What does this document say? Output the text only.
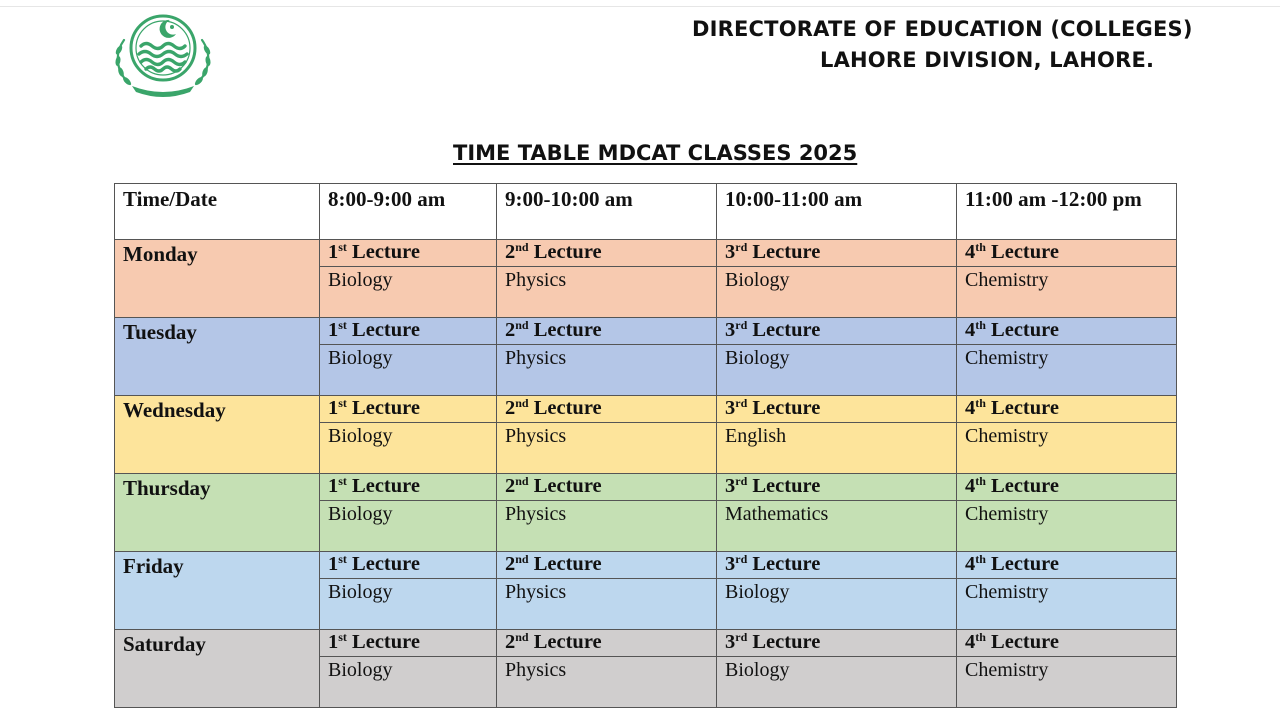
DIRECTORATE OF EDUCATION (COLLEGES)
LAHORE DIVISION, LAHORE.
TIME TABLE MDCAT CLASSES 2025
Time/Date	8:00-9:00 am	9:00-10:00 am	10:00-11:00 am	11:00 am -12:00 pm
Monday	1st Lecture	2nd Lecture	3rd Lecture	4th Lecture
	Biology	Physics	Biology	Chemistry
Tuesday	1st Lecture	2nd Lecture	3rd Lecture	4th Lecture
	Biology	Physics	Biology	Chemistry
Wednesday	1st Lecture	2nd Lecture	3rd Lecture	4th Lecture
	Biology	Physics	English	Chemistry
Thursday	1st Lecture	2nd Lecture	3rd Lecture	4th Lecture
	Biology	Physics	Mathematics	Chemistry
Friday	1st Lecture	2nd Lecture	3rd Lecture	4th Lecture
	Biology	Physics	Biology	Chemistry
Saturday	1st Lecture	2nd Lecture	3rd Lecture	4th Lecture
	Biology	Physics	Biology	Chemistry
